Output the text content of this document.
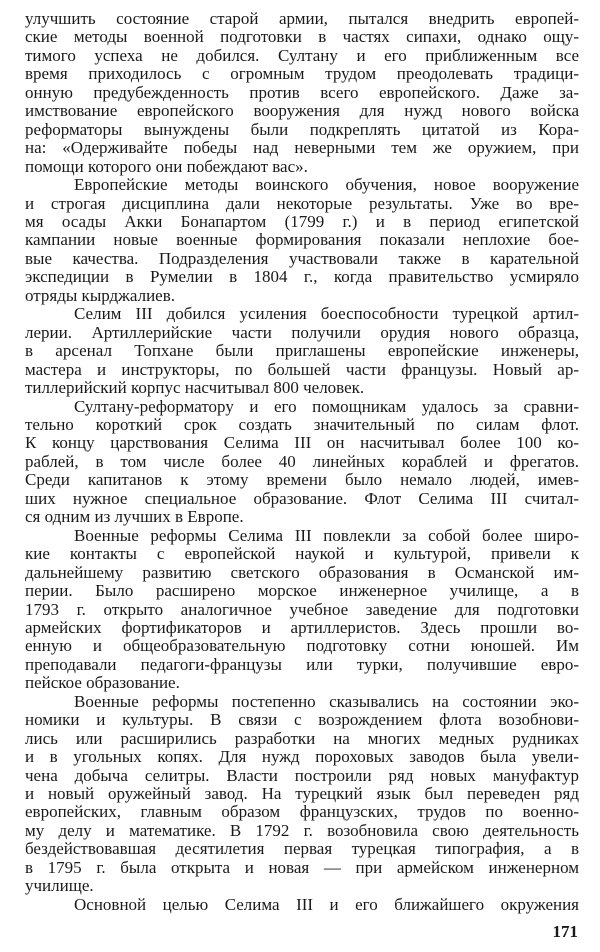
улучшить состояние старой армии, пытался внедрить европей-
ские методы военной подготовки в частях сипахи, однако ощу-
тимого успеха не добился. Султану и его приближенным все
время приходилось с огромным трудом преодолевать традици-
онную предубежденность против всего европейского. Даже за-
имствование европейского вооружения для нужд нового войска
реформаторы вынуждены были подкреплять цитатой из Кора-
на: «Одерживайте победы над неверными тем же оружием, при
помощи которого они побеждают вас».
Европейские методы воинского обучения, новое вооружение
и строгая дисциплина дали некоторые результаты. Уже во вре-
мя осады Акки Бонапартом (1799 г.) и в период египетской
кампании новые военные формирования показали неплохие бое-
вые качества. Подразделения участвовали также в карательной
экспедиции в Румелии в 1804 г., когда правительство усмиряло
отряды кырджалиев.
Селим III добился усиления боеспособности турецкой артил-
лерии. Артиллерийские части получили орудия нового образца,
в арсенал Топхане были приглашены европейские инженеры,
мастера и инструкторы, по большей части французы. Новый ар-
тиллерийский корпус насчитывал 800 человек.
Султану-реформатору и его помощникам удалось за сравни-
тельно короткий срок создать значительный по силам флот.
К концу царствования Селима III он насчитывал более 100 ко-
раблей, в том числе более 40 линейных кораблей и фрегатов.
Среди капитанов к этому времени было немало людей, имев-
ших нужное специальное образование. Флот Селима III считал-
ся одним из лучших в Европе.
Военные реформы Селима III повлекли за собой более широ-
кие контакты с европейской наукой и культурой, привели к
дальнейшему развитию светского образования в Османской им-
перии. Было расширено морское инженерное училище, а в
1793 г. открыто аналогичное учебное заведение для подготовки
армейских фортификаторов и артиллеристов. Здесь прошли во-
енную и общеобразовательную подготовку сотни юношей. Им
преподавали педагоги-французы или турки, получившие евро-
пейское образование.
Военные реформы постепенно сказывались на состоянии эко-
номики и культуры. В связи с возрождением флота возобнови-
лись или расширились разработки на многих медных рудниках
и в угольных копях. Для нужд пороховых заводов была увели-
чена добыча селитры. Власти построили ряд новых мануфактур
и новый оружейный завод. На турецкий язык был переведен ряд
европейских, главным образом французских, трудов по военно-
му делу и математике. В 1792 г. возобновила свою деятельность
бездействовавшая десятилетия первая турецкая типография, а в
в 1795 г. была открыта и новая — при армейском инженерном
училище.
Основной целью Селима III и его ближайшего окружения
171
